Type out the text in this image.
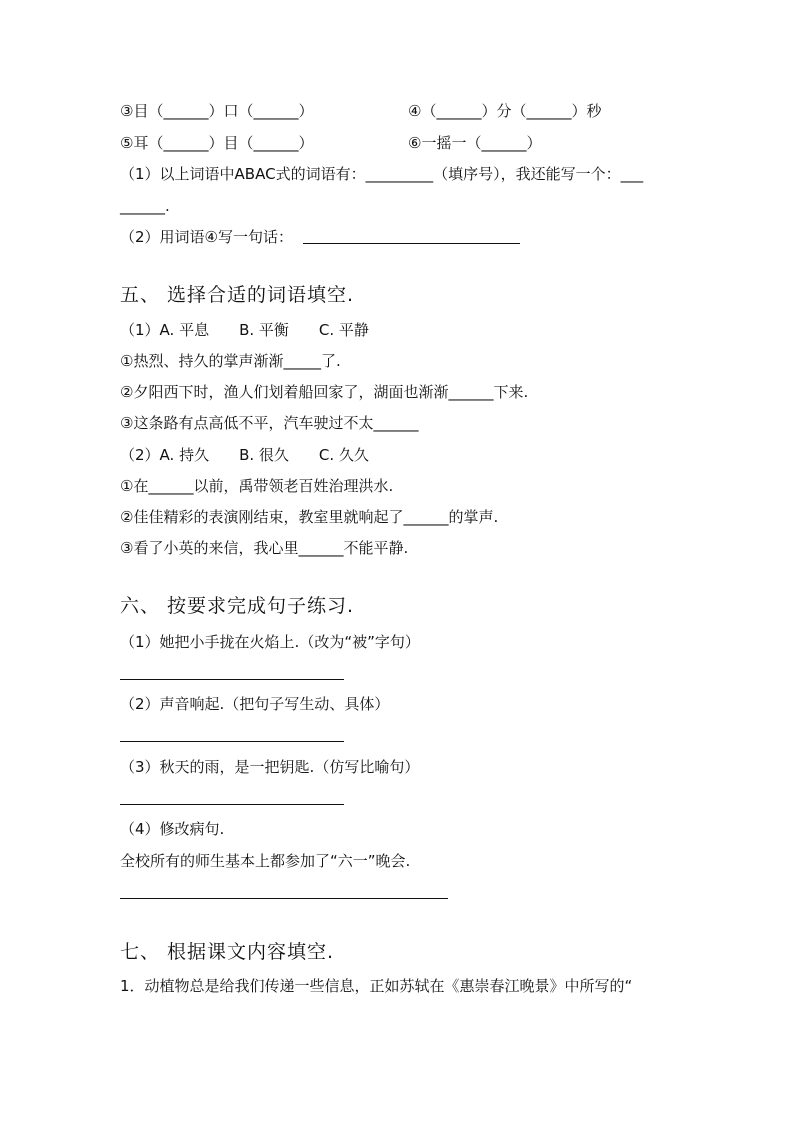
③目（______）口（______）	④（______）分（______）秒
⑤耳（______）目（______）	⑥一摇一（______）
（1）以上词语中ABAC式的词语有：_________（填序号），我还能写一个：___
______.
（2）用词语④写一句话：
五、 选择合适的词语填空.
（1）A. 平息　　B. 平衡　　C. 平静
①热烈、持久的掌声渐渐_____了.
②夕阳西下时，渔人们划着船回家了，湖面也渐渐______下来.
③这条路有点高低不平，汽车驶过不太______
（2）A. 持久　　B. 很久　　C. 久久
①在______以前，禹带领老百姓治理洪水.
②佳佳精彩的表演刚结束，教室里就响起了______的掌声.
③看了小英的来信，我心里______不能平静.
六、 按要求完成句子练习.
（1）她把小手拢在火焰上.（改为“被”字句）
（2）声音响起.（把句子写生动、具体）
（3）秋天的雨，是一把钥匙.（仿写比喻句）
（4）修改病句.
全校所有的师生基本上都参加了“六一”晚会.
七、 根据课文内容填空.
1．动植物总是给我们传递一些信息，正如苏轼在《惠崇春江晚景》中所写的“
